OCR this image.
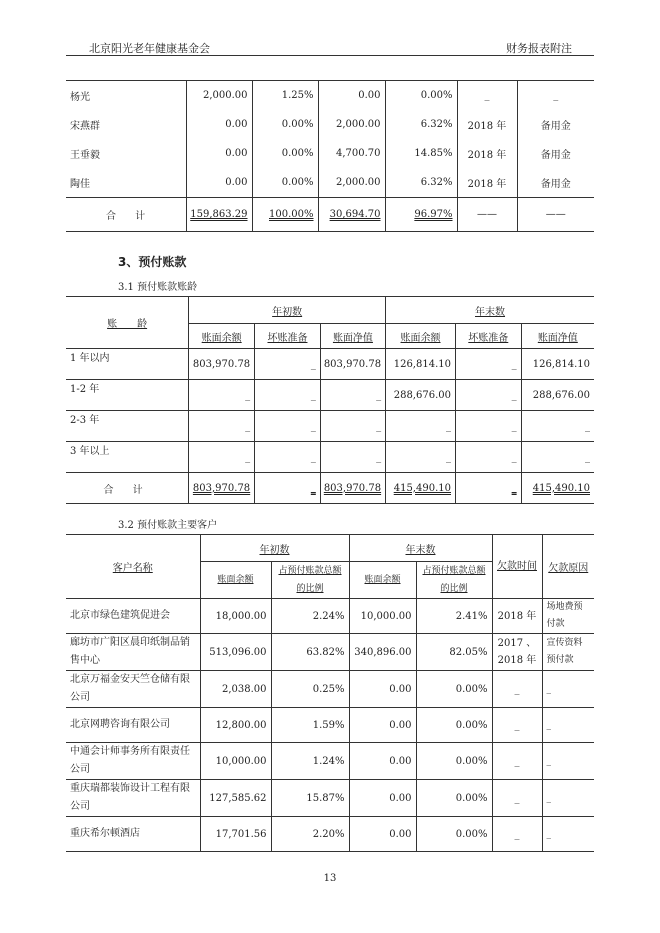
北京阳光老年健康基金会	财务报表附注
杨光	2,000.00	1.25%	0.00	0.00%	_	_
宋燕群	0.00	0.00%	2,000.00	6.32%	2018 年	备用金
王垂毅	0.00	0.00%	4,700.70	14.85%	2018 年	备用金
陶佳	0.00	0.00%	2,000.00	6.32%	2018 年	备用金
合 计	159,863.29	100.00%	30,694.70	96.97%	——	——
3、预付账款
3.1 预付账款账龄
账　　龄	年初数			年末数		
	账面余额	坏账准备	账面净值	账面余额	坏账准备	账面净值
1 年以内	803,970.78	_	803,970.78	126,814.10	_	126,814.10
1-2 年	_	_	_	288,676.00	_	288,676.00
2-3 年	_	_	_	_	_	_
3 年以上	_	_	_	_	_	_
合 计	803,970.78	_	803,970.78	415,490.10	_	415,490.10
3.2 预付账款主要客户
客户名称	年初数		年末数		欠款时间	欠款原因
	账面余额	占预付账款总额的比例	账面余额	占预付账款总额的比例		
北京市绿色建筑促进会	18,000.00	2.24%	10,000.00	2.41%	2018 年	场地费预付款
廊坊市广阳区晨印纸制品销售中心	513,096.00	63.82%	340,896.00	82.05%	2017 、2018 年	宣传资料预付款
北京万福金安天竺仓储有限公司	2,038.00	0.25%	0.00	0.00%	_	_
北京网聘咨询有限公司	12,800.00	1.59%	0.00	0.00%	_	_
中通会计师事务所有限责任公司	10,000.00	1.24%	0.00	0.00%	_	_
重庆瑞都装饰设计工程有限公司	127,585.62	15.87%	0.00	0.00%	_	_
重庆希尔顿酒店	17,701.56	2.20%	0.00	0.00%	_	_
13
